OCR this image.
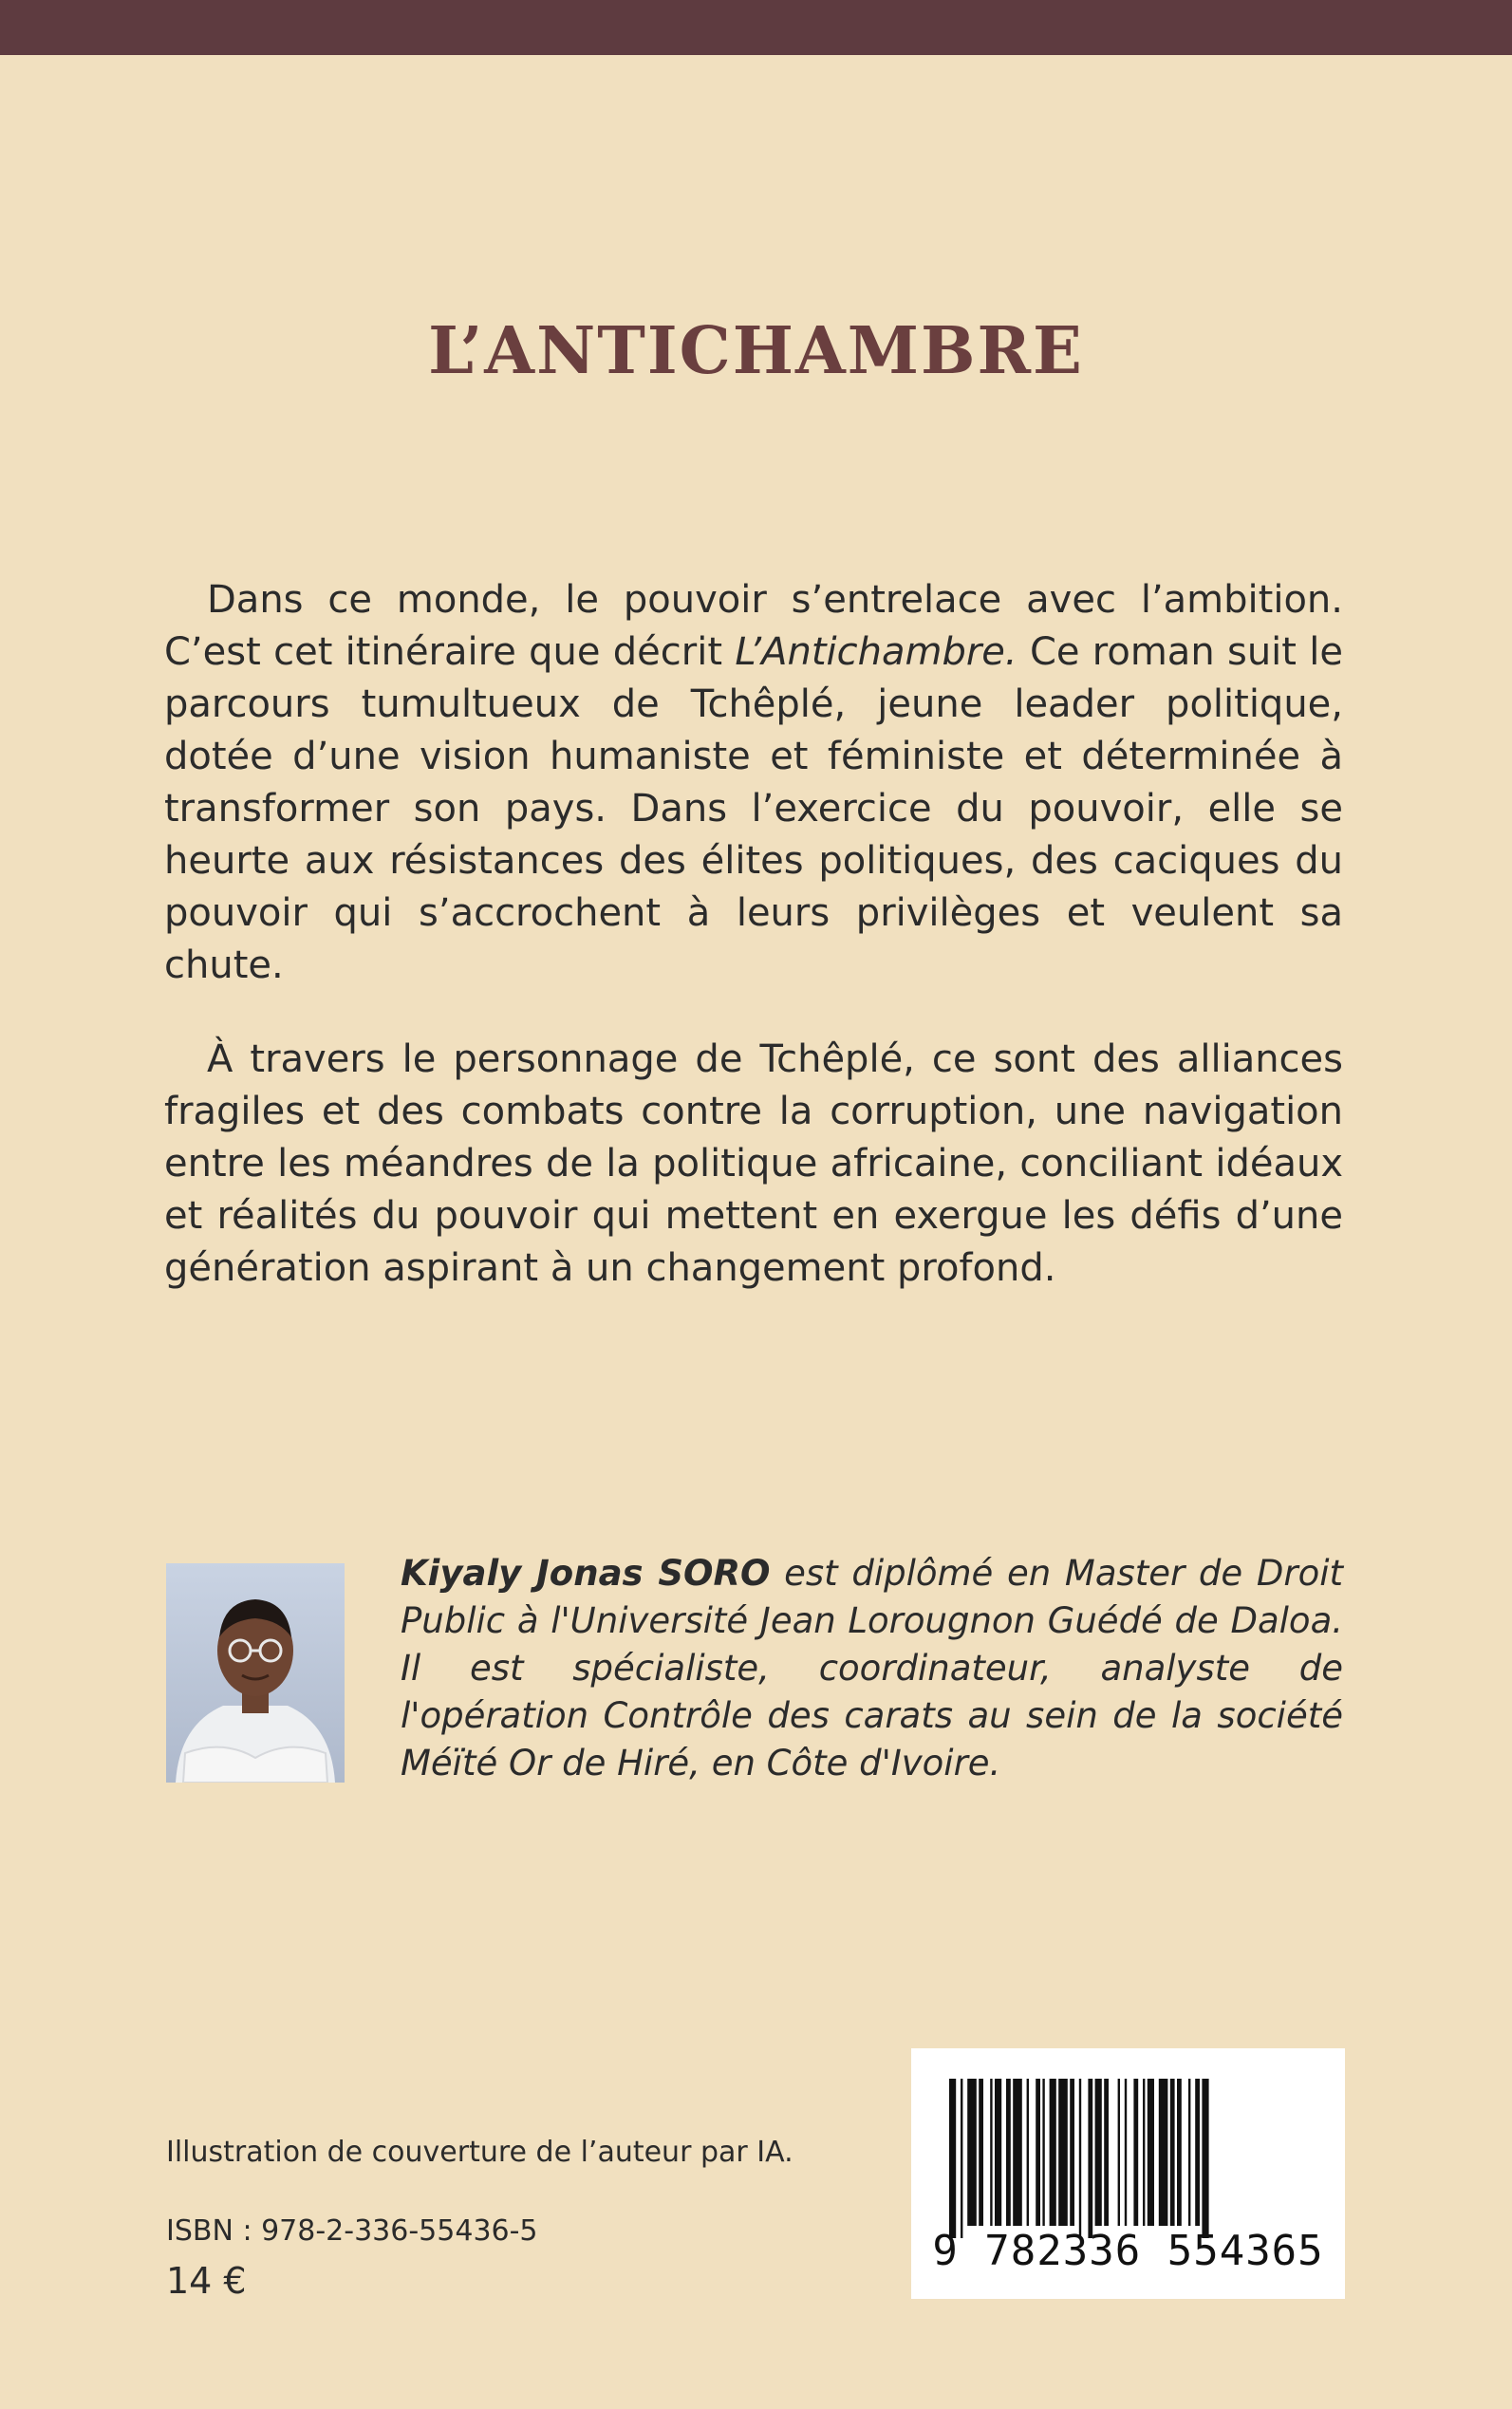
L’ANTICHAMBRE

Dans ce monde, le pouvoir s’entrelace avec l’ambition. C’est cet itinéraire que décrit L’Antichambre. Ce roman suit le parcours tumultueux de Tchêplé, jeune leader politique, dotée d’une vision humaniste et féministe et déterminée à transformer son pays. Dans l’exercice du pouvoir, elle se heurte aux résistances des élites politiques, des caciques du pouvoir qui s’accrochent à leurs privilèges et veulent sa chute.

À travers le personnage de Tchêplé, ce sont des alliances fragiles et des combats contre la corruption, une navigation entre les méandres de la politique africaine, conciliant idéaux et réalités du pouvoir qui mettent en exergue les défis d’une génération aspirant à un changement profond.

Kiyaly Jonas SORO est diplômé en Master de Droit Public à l'Université Jean Lorougnon Guédé de Daloa. Il est spécialiste, coordinateur, analyste de l'opération Contrôle des carats au sein de la société Méïté Or de Hiré, en Côte d'Ivoire.

Illustration de couverture de l’auteur par IA.

ISBN : 978-2-336-55436-5

14 €

9 782336 554365
